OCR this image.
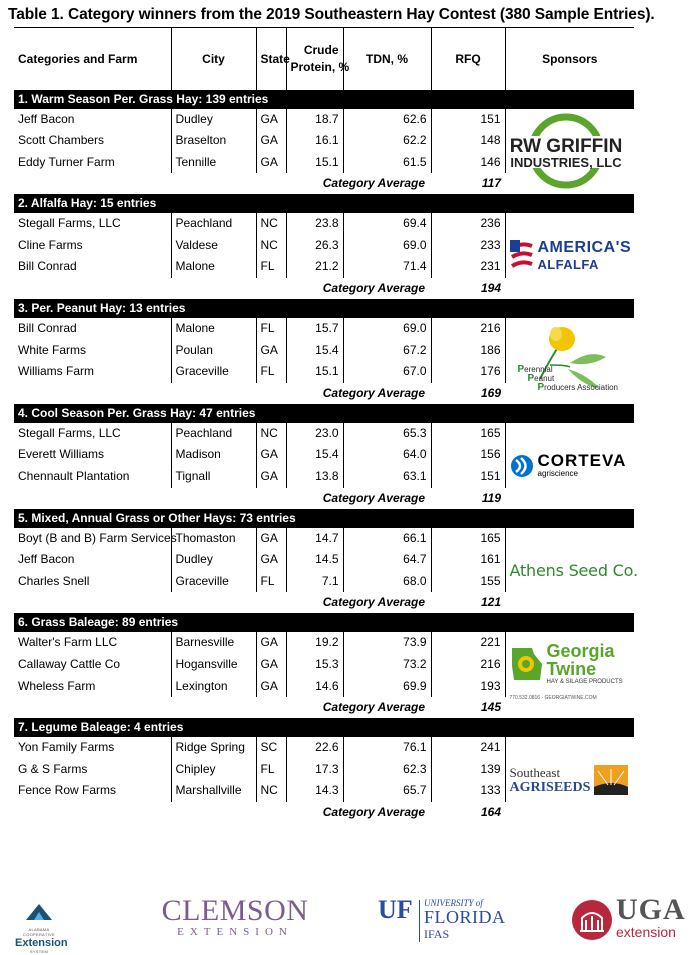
Table 1. Category winners from the 2019 Southeastern Hay Contest (380 Sample Entries).
Categories and Farm	City	State	Crude
Protein, %	TDN, %	RFQ	Sponsors
1. Warm Season Per. Grass Hay: 139 entries						
Jeff Bacon	Dudley	GA	18.7	62.6	151	RW GRIFFIN
INDUSTRIES, LLC

Scott Chambers	Braselton	GA	16.1	62.2	148	
Eddy Turner Farm	Tennille	GA	15.1	61.5	146	
			Category Average		117	
2. Alfalfa Hay: 15 entries						
Stegall Farms, LLC	Peachland	NC	23.8	69.4	236	AMERICA'S
ALFALFA

Cline Farms	Valdese	NC	26.3	69.0	233	
Bill Conrad	Malone	FL	21.2	71.4	231	
			Category Average		194	
3. Per. Peanut Hay: 13 entries						
Bill Conrad	Malone	FL	15.7	69.0	216	Perennial
Peanut
Producers Association

White Farms	Poulan	GA	15.4	67.2	186	
Williams Farm	Graceville	FL	15.1	67.0	176	
			Category Average		169	
4. Cool Season Per. Grass Hay: 47 entries						
Stegall Farms, LLC	Peachland	NC	23.0	65.3	165	CORTEVA
agriscience

Everett Williams	Madison	GA	15.4	64.0	156	
Chennault Plantation	Tignall	GA	13.8	63.1	151	
			Category Average		119	
5. Mixed, Annual Grass or Other Hays: 73 entries						
Boyt (B and B) Farm Services	Thomaston	GA	14.7	66.1	165	Athens Seed Co.

Jeff Bacon	Dudley	GA	14.5	64.7	161	
Charles Snell	Graceville	FL	7.1	68.0	155	
			Category Average		121	
6. Grass Baleage: 89 entries						
Walter's Farm LLC	Barnesville	GA	19.2	73.9	221	Georgia
Twine
HAY & SILAGE PRODUCTS
770.532.0816 · GEORGIATWINE.COM

Callaway Cattle Co	Hogansville	GA	15.3	73.2	216	
Wheless Farm	Lexington	GA	14.6	69.9	193	
			Category Average		145	
7. Legume Baleage: 4 entries						
Yon Family Farms	Ridge Spring	SC	22.6	76.1	241	Southeast
AGRISEEDS

G & S Farms	Chipley	FL	17.3	62.3	139	
Fence Row Farms	Marshallville	NC	14.3	65.7	133	
			Category Average		164	
ALABAMA
COOPERATIVE
Extension
SYSTEM
CLEMSON
EXTENSION
UF	UNIVERSITY of
FLORIDA
IFAS
UGA
extension
